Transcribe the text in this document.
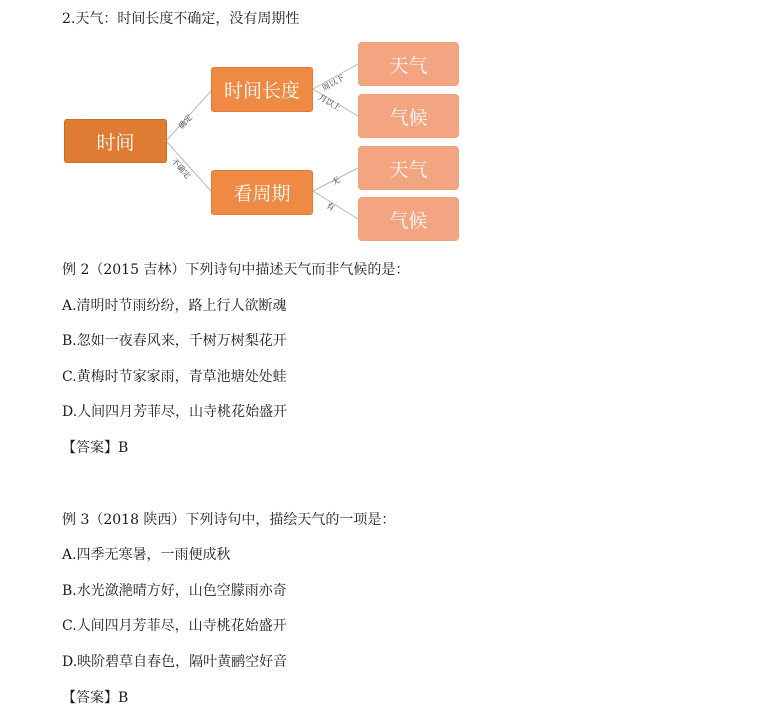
2.天气：时间长度不确定，没有周期性
时间
时间长度
看周期
天气
气候
天气
气候
确定
不确定
周以下
月以上
无
有
例 2（2015 吉林）下列诗句中描述天气而非气候的是：
A.清明时节雨纷纷，路上行人欲断魂
B.忽如一夜春风来，千树万树梨花开
C.黄梅时节家家雨，青草池塘处处蛙
D.人间四月芳菲尽，山寺桃花始盛开
【答案】B
例 3（2018 陕西）下列诗句中，描绘天气的一项是：
A.四季无寒暑，一雨便成秋
B.水光潋滟晴方好，山色空朦雨亦奇
C.人间四月芳菲尽，山寺桃花始盛开
D.映阶碧草自春色，隔叶黄鹂空好音
【答案】B
